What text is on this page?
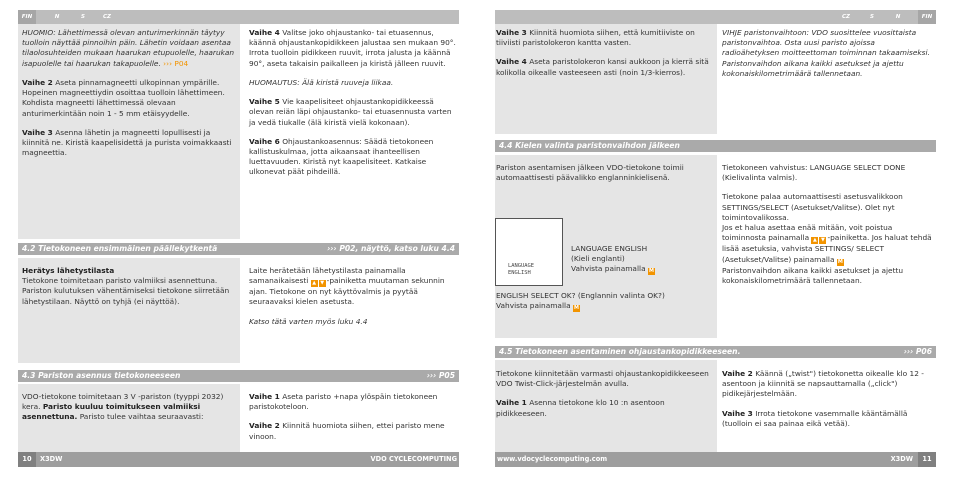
FIN	N	S	CZ	CZ	S	N	FIN

HUOMIO: Lähettimessä olevan anturimerkinnän täytyy tuolloin näyttää pinnoihin päin. Lähetin voidaan asentaa tilaolosuhteiden mukaan haarukan etupuolelle, haarukan isapuolelle tai haarukan takapuolelle. ››› P04

Vaihe 2 Aseta pinnamagneetti ulkopinnan ympärille. Hopeinen magneettiydin osoittaa tuolloin lähettimeen. Kohdista magneetti lähettimessä olevaan anturimerkintään noin 1 - 5 mm etäisyydelle.

Vaihe 3 Asenna lähetin ja magneetti lopullisesti ja kiinnitä ne. Kiristä kaapelisidettä ja purista voimakkaasti magneettia.

Vaihe 4 Valitse joko ohjaustanko- tai etuasennus, käännä ohjaustankopidikkeen jalustaa sen mukaan 90°. Irrota tuolloin pidikkeen ruuvit, irrota jalusta ja käännä 90°, aseta takaisin paikalleen ja kiristä jälleen ruuvit.

HUOMAUTUS: Älä kiristä ruuveja liikaa.

Vaihe 5 Vie kaapelisiteet ohjaustankopidikkeessä olevan reiän läpi ohjaustanko- tai etuasennusta varten ja vedä tiukalle (älä kiristä vielä kokonaan).

Vaihe 6 Ohjaustankoasennus: Säädä tietokoneen kallistuskulmaa, jotta aikaansaat ihanteellisen luettavuuden. Kiristä nyt kaapelisiteet. Katkaise ulkonevat päät pihdeillä.

4.2 Tietokoneen ensimmäinen päällekytkentä	››› P02, näyttö, katso luku 4.4

Herätys lähetystilasta

Tietokone toimitetaan paristo valmiiksi asennettuna. Pariston kulutuksen vähentämiseksi tietokone siirretään lähetystilaan. Näyttö on tyhjä (ei näyttöä).

Laite herätetään lähetystilasta painamalla samanaikaisesti ▲ ▼ -painiketta muutaman sekunnin ajan. Tietokone on nyt käyttövalmis ja pyytää seuraavaksi kielen asetusta.

Katso tätä varten myös luku 4.4

4.3 Pariston asennus tietokoneeseen	››› P05

VDO-tietokone toimitetaan 3 V -pariston (tyyppi 2032) kera. Paristo kuuluu toimitukseen valmiiksi asennettuna. Paristo tulee vaihtaa seuraavasti:

Vaihe 1 Aseta paristo +napa ylöspäin tietokoneen paristokoteloon.

Vaihe 2 Kiinnitä huomiota siihen, ettei paristo mene vinoon.

Vaihe 3 Kiinnitä huomiota siihen, että kumitiiviste on tiiviisti paristolokeron kantta vasten.

Vaihe 4 Aseta paristolokeron kansi aukkoon ja kierrä sitä kolikolla oikealle vasteeseen asti (noin 1/3-kierros).

VIHJE paristonvaihtoon: VDO suosittelee vuosittaista paristonvaihtoa. Ostа uusi paristo ajoissa radioähetyksen moitteettoman toiminnan takaamiseksi. Paristonvaihdon aikana kaikki asetukset ja ajettu kokonaiskilometrimäärä tallennetaan.

4.4 Kielen valinta paristonvaihdon jälkeen

Pariston asentamisen jälkeen VDO-tietokone toimii automaattisesti päävalikko englanninkielisenä.

LANGUAGE ENGLISH
(Kieli englanti)
Vahvista painamalla M
ENGLISH SELECT OK? (Englannin valinta OK?)
Vahvista painamalla M
LANGUAGE
ENGLISH

Tietokoneen vahvistus: LANGUAGE SELECT DONE (Kielivalinta valmis).

Tietokone palaa automaattisesti asetusvalikkoon SETTINGS/SELECT (Asetukset/Valitse). Olet nyt toimintovalikossa.
Jos et halua asettaa enää mitään, voit poistua toiminnosta painamalla ▲ ▼ -painiketta. Jos haluat tehdä lisää asetuksia, vahvista SETTINGS/ SELECT (Asetukset/Valitse) painamalla M
Paristonvaihdon aikana kaikki asetukset ja ajettu kokonaiskilometrimäärä tallennetaan.

4.5 Tietokoneen asentaminen ohjaustankopidikkeeseen.	››› P06

Tietokone kiinnitetään varmasti ohjaustankopidikkeeseen VDO Twist-Click-järjestelmän avulla.

Vaihe 1 Asenna tietokone klo 10 :n asentoon pidikkeeseen.

Vaihe 2 Käännä („twist") tietokonetta oikealle klo 12 -asentoon ja kiinnitä se napsauttamalla („click") pidikejärjestelmään.

Vaihe 3 Irrota tietokone vasemmalle kääntämällä (tuolloin ei saa painaa eikä vetää).

10	X3DW	VDO CYCLECOMPUTING	www.vdocyclecomputing.com	X3DW	11
